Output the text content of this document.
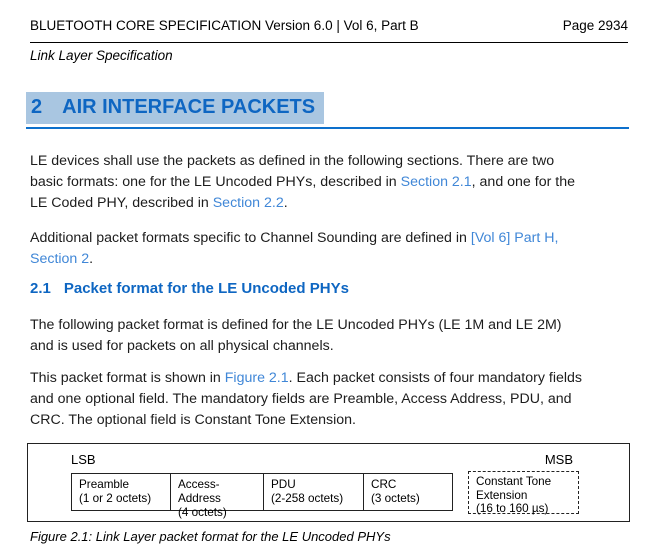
BLUETOOTH CORE SPECIFICATION Version 6.0 | Vol 6, Part B	Page 2934
Link Layer Specification
2 AIR INTERFACE PACKETS

LE devices shall use the packets as defined in the following sections. There are two
basic formats: one for the LE Uncoded PHYs, described in Section 2.1, and one for the
LE Coded PHY, described in Section 2.2.

Additional packet formats specific to Channel Sounding are defined in [Vol 6] Part H,
Section 2.

2.1 Packet format for the LE Uncoded PHYs

The following packet format is defined for the LE Uncoded PHYs (LE 1M and LE 2M)
and is used for packets on all physical channels.

This packet format is shown in Figure 2.1. Each packet consists of four mandatory fields
and one optional field. The mandatory fields are Preamble, Access Address, PDU, and
CRC. The optional field is Constant Tone Extension.

LSB	MSB
Preamble
(1 or 2 octets)
Access-Address
(4 octets)
PDU
(2-258 octets)
CRC
(3 octets)
Constant Tone Extension
(16 to 160 µs)
Figure 2.1: Link Layer packet format for the LE Uncoded PHYs
